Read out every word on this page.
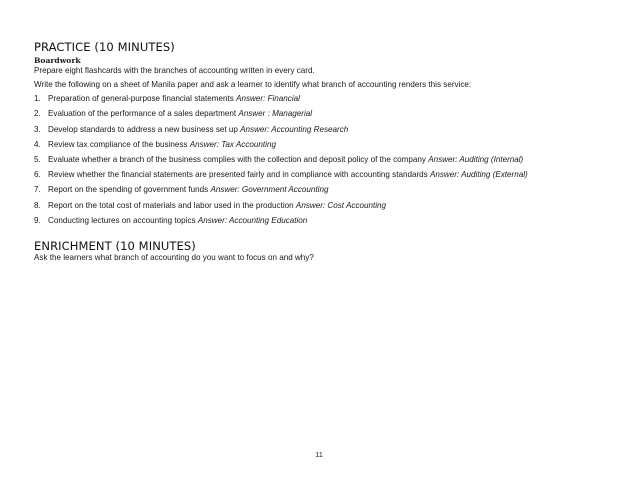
PRACTICE (10 MINUTES)
Boardwork

Prepare eight flashcards with the branches of accounting written in every card.

Write the following on a sheet of Manila paper and ask a learner to identify what branch of accounting renders this service:

1. Preparation of general-purpose financial statements Answer: Financial
2. Evaluation of the performance of a sales department Answer : Managerial
3. Develop standards to address a new business set up Answer: Accounting Research
4. Review tax compliance of the business Answer: Tax Accounting
5. Evaluate whether a branch of the business complies with the collection and deposit policy of the company Answer: Auditing (Internal)
6. Review whether the financial statements are presented fairly and in compliance with accounting standards Answer: Auditing (External)
7. Report on the spending of government funds Answer: Government Accounting
8. Report on the total cost of materials and labor used in the production Answer: Cost Accounting
9. Conducting lectures on accounting topics Answer: Accounting Education
ENRICHMENT (10 MINUTES)

Ask the learners what branch of accounting do you want to focus on and why?

11
